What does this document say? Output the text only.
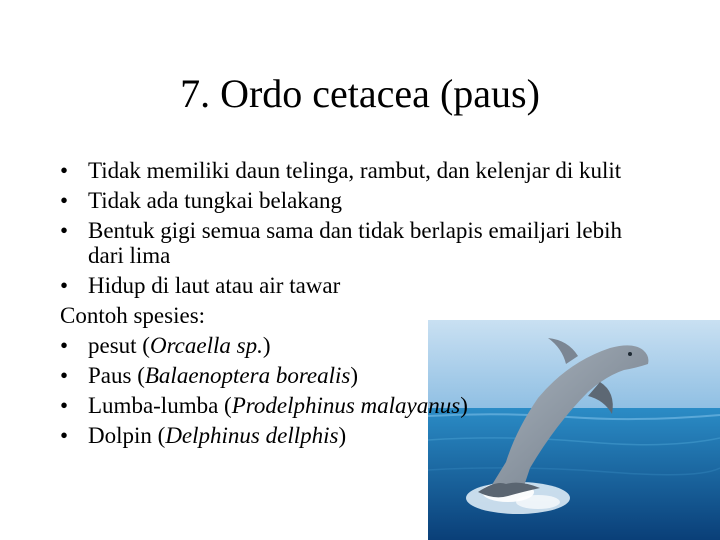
7. Ordo cetacea (paus)
• Tidak memiliki daun telinga, rambut, dan kelenjar di kulit
• Tidak ada tungkai belakang
• Bentuk gigi semua sama dan tidak berlapis emailjari lebih dari lima
• Hidup di laut atau air tawar
Contoh spesies:
• pesut (Orcaella sp.)
• Paus (Balaenoptera borealis)
• Lumba-lumba (Prodelphinus malayanus)
• Dolpin (Delphinus dellphis)
